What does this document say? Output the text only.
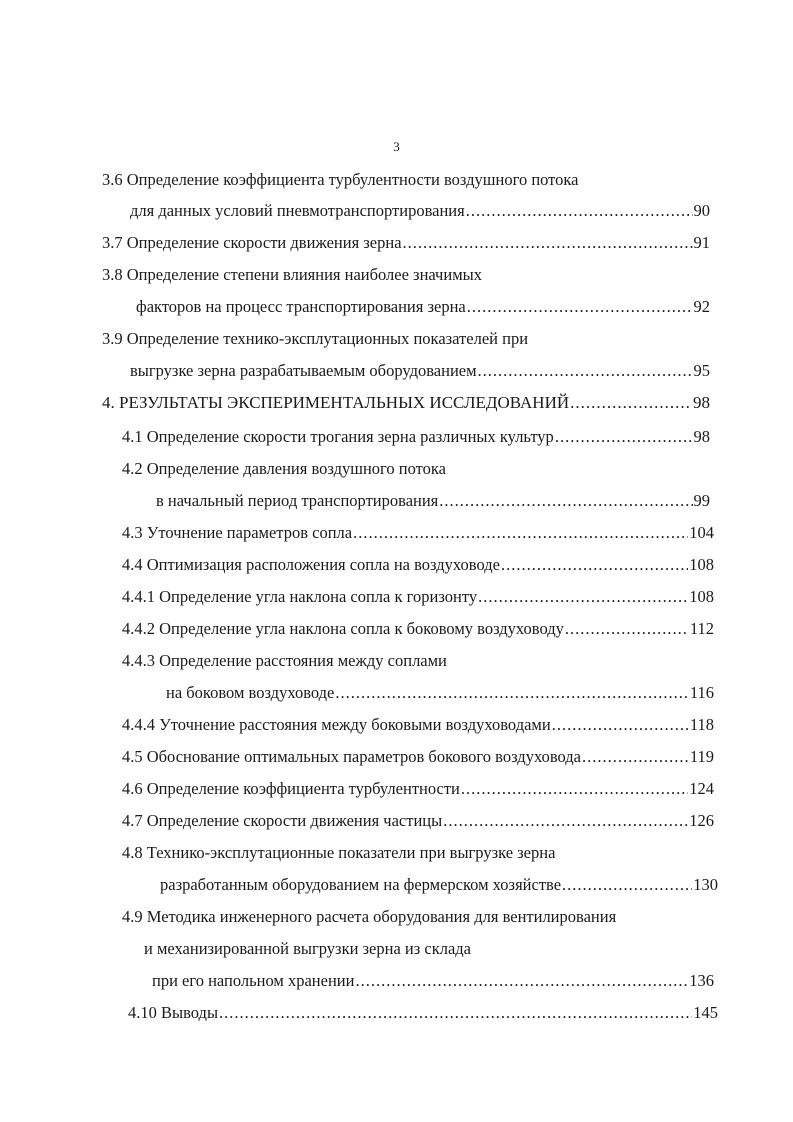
3
3.6 Определение коэффициента турбулентности воздушного потока
для данных условий пневмотранспортирования .....	90
3.7 Определение скорости движения зерна .....	91
3.8 Определение степени влияния наиболее значимых
факторов на процесс транспортирования зерна .....	92
3.9 Определение технико-эксплутационных показателей при
выгрузке зерна разрабатываемым оборудованием .....	95
4. РЕЗУЛЬТАТЫ ЭКСПЕРИМЕНТАЛЬНЫХ ИССЛЕДОВАНИЙ .....	98
4.1 Определение скорости трогания зерна различных культур .....	98
4.2 Определение давления воздушного потока
в начальный период транспортирования .....	99
4.3 Уточнение параметров сопла .....	104
4.4 Оптимизация расположения сопла на воздуховоде .....	108
4.4.1 Определение угла наклона сопла к горизонту .....	108
4.4.2 Определение угла наклона сопла к боковому воздуховоду .....	112
4.4.3 Определение расстояния между соплами
на боковом воздуховоде .....	116
4.4.4 Уточнение расстояния между боковыми воздуховодами .....	118
4.5 Обоснование оптимальных параметров бокового воздуховода .....	119
4.6 Определение коэффициента турбулентности .....	124
4.7 Определение скорости движения частицы .....	126
4.8 Технико-эксплутационные показатели при выгрузке зерна
разработанным оборудованием на фермерском хозяйстве .....	130
4.9 Методика инженерного расчета оборудования для вентилирования
и механизированной выгрузки зерна из склада
при его напольном хранении .....	136
4.10 Выводы .....	145
